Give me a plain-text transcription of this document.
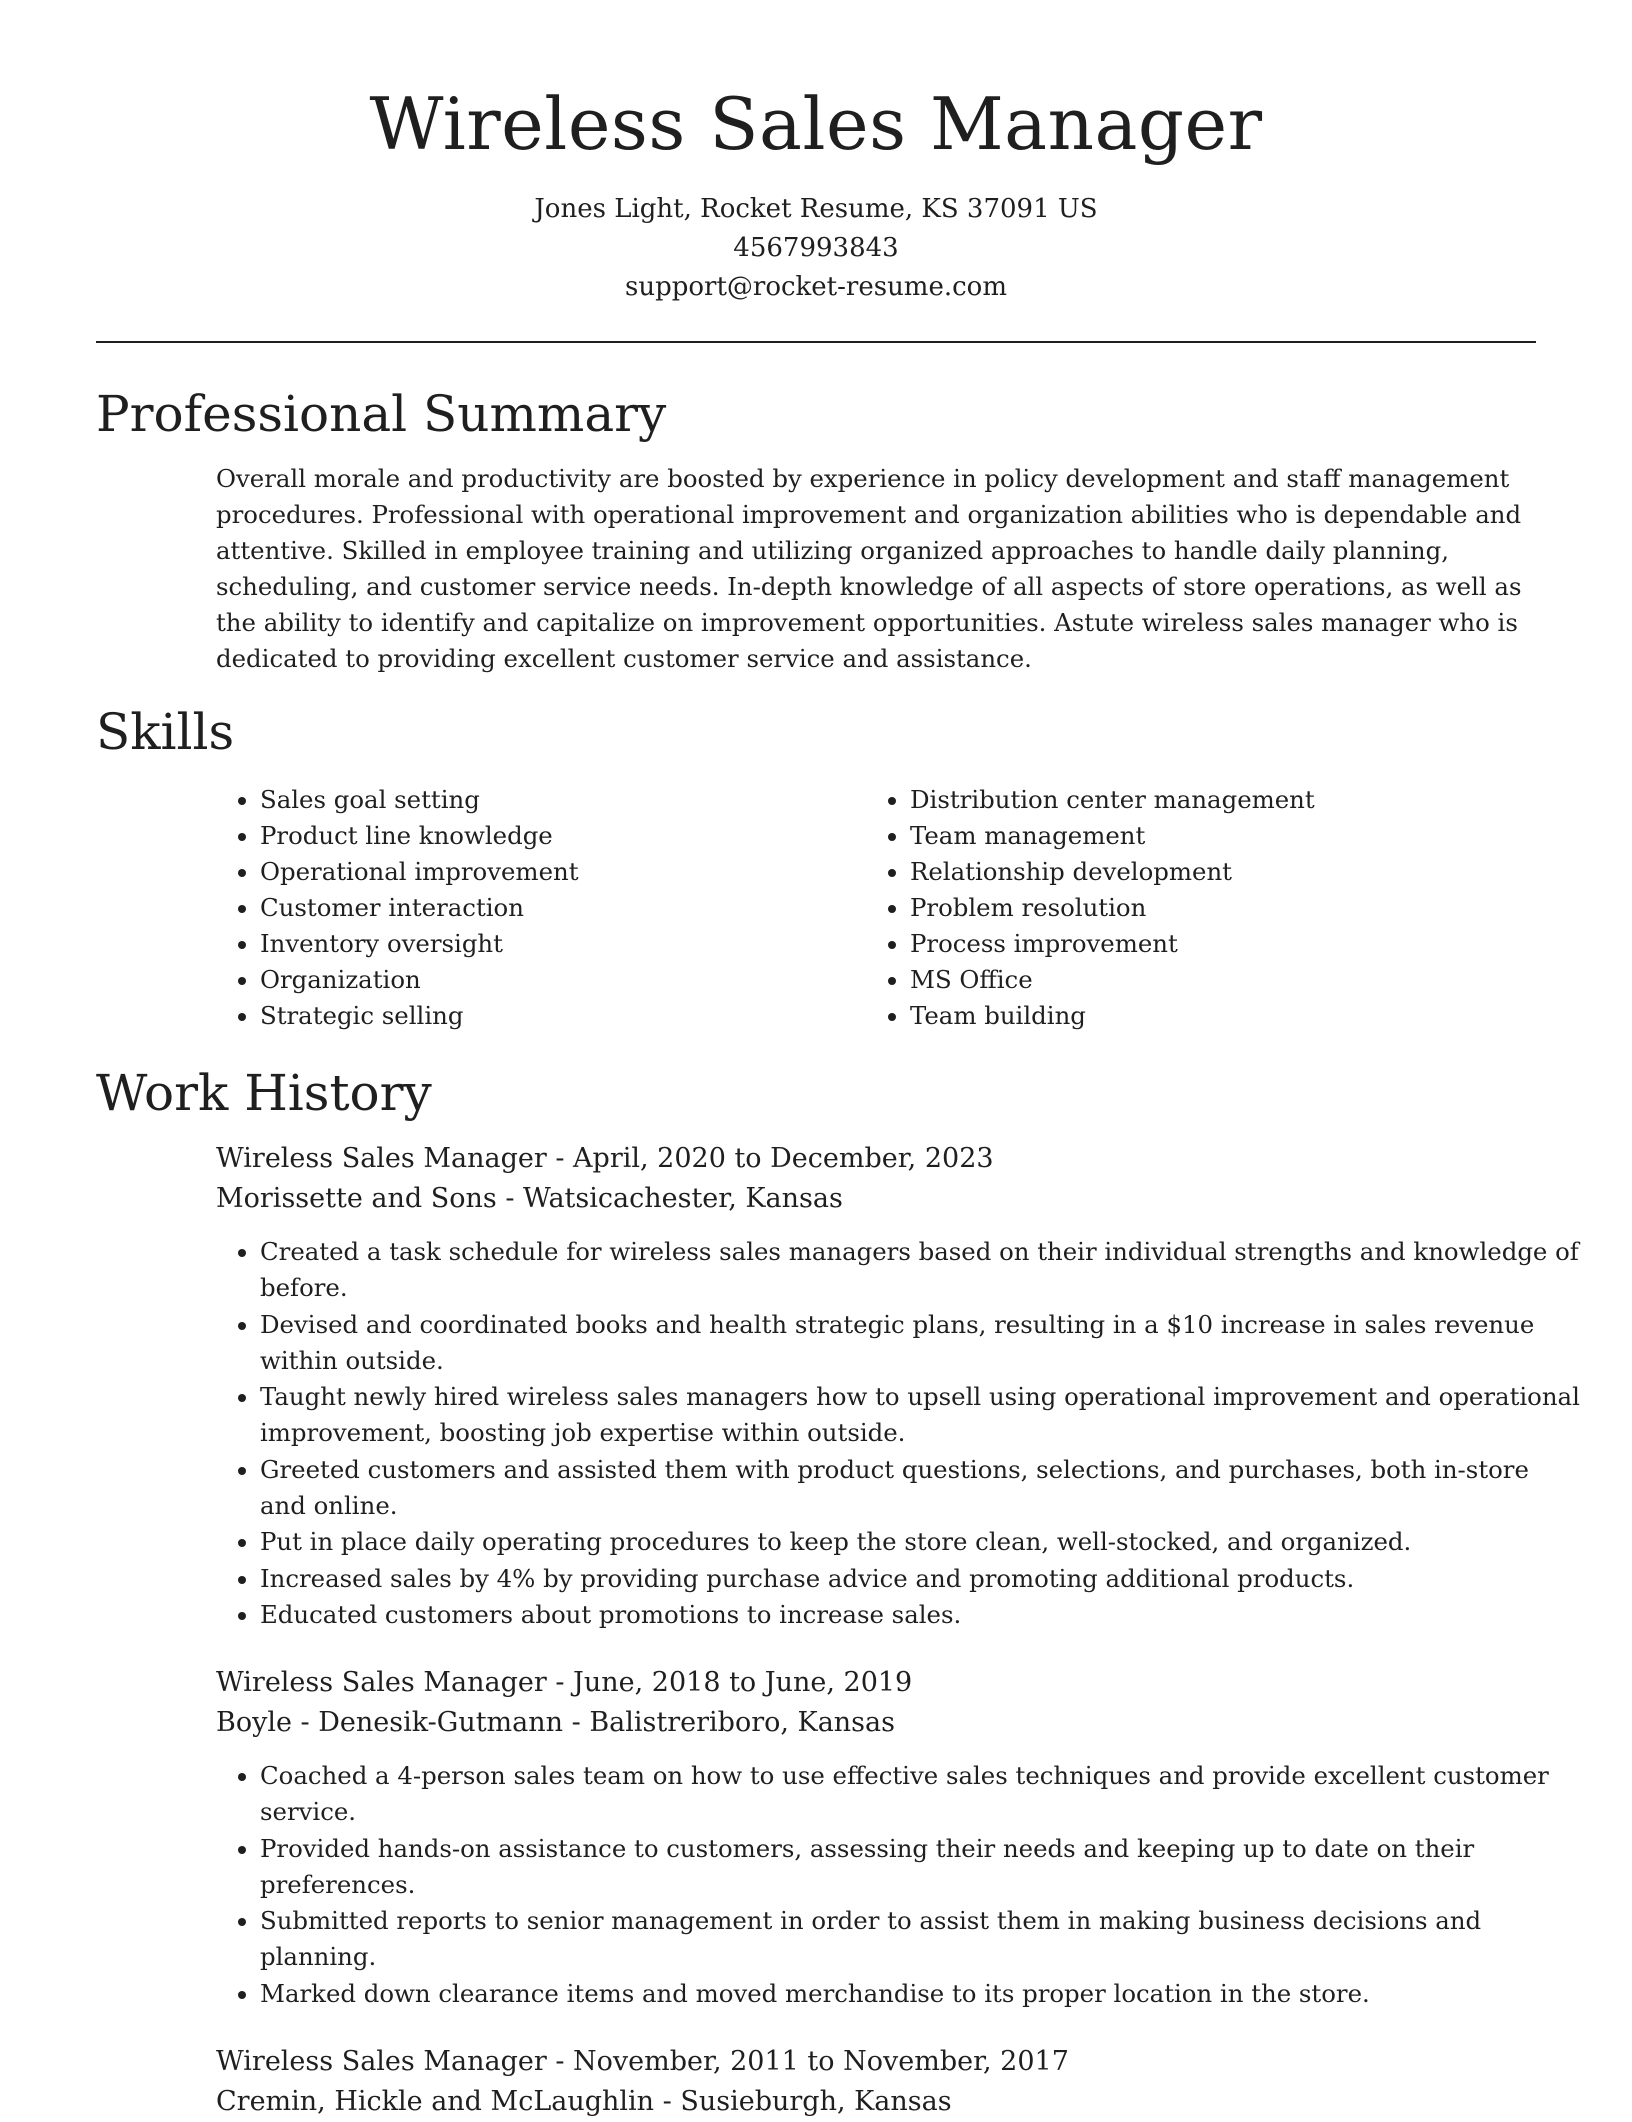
Wireless Sales Manager
Jones Light, Rocket Resume, KS 37091 US
4567993843
support@rocket-resume.com
Professional Summary

Overall morale and productivity are boosted by experience in policy development and staff management procedures. Professional with operational improvement and organization abilities who is dependable and attentive. Skilled in employee training and utilizing organized approaches to handle daily planning, scheduling, and customer service needs. In-depth knowledge of all aspects of store operations, as well as the ability to identify and capitalize on improvement opportunities. Astute wireless sales manager who is dedicated to providing excellent customer service and assistance.

Skills
• Sales goal setting
• Product line knowledge
• Operational improvement
• Customer interaction
• Inventory oversight
• Organization
• Strategic selling
• Distribution center management
• Team management
• Relationship development
• Problem resolution
• Process improvement
• MS Office
• Team building
Work History
Wireless Sales Manager - April, 2020 to December, 2023
Morissette and Sons - Watsicachester, Kansas
• Created a task schedule for wireless sales managers based on their individual strengths and knowledge of before.
• Devised and coordinated books and health strategic plans, resulting in a $10 increase in sales revenue within outside.
• Taught newly hired wireless sales managers how to upsell using operational improvement and operational improvement, boosting job expertise within outside.
• Greeted customers and assisted them with product questions, selections, and purchases, both in-store and online.
• Put in place daily operating procedures to keep the store clean, well-stocked, and organized.
• Increased sales by 4% by providing purchase advice and promoting additional products.
• Educated customers about promotions to increase sales.
Wireless Sales Manager - June, 2018 to June, 2019
Boyle - Denesik-Gutmann - Balistreriboro, Kansas
• Coached a 4-person sales team on how to use effective sales techniques and provide excellent customer service.
• Provided hands-on assistance to customers, assessing their needs and keeping up to date on their preferences.
• Submitted reports to senior management in order to assist them in making business decisions and planning.
• Marked down clearance items and moved merchandise to its proper location in the store.
Wireless Sales Manager - November, 2011 to November, 2017
Cremin, Hickle and McLaughlin - Susieburgh, Kansas
